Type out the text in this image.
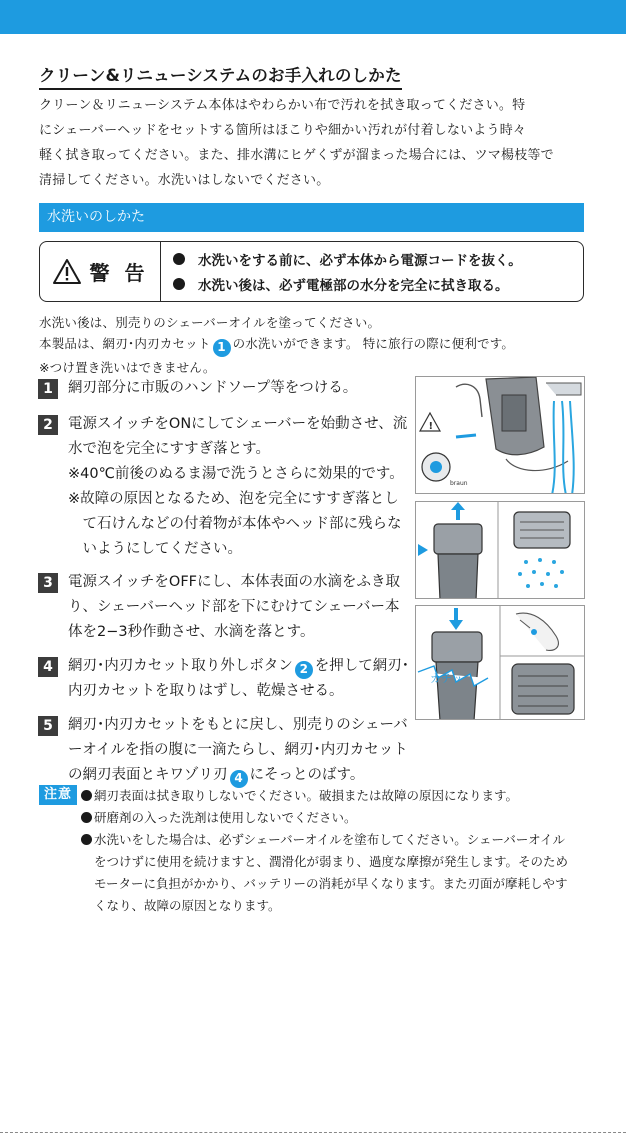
クリーン&リニューシステムのお手入れのしかた
クリーン＆リニューシステム本体はやわらかい布で汚れを拭き取ってください。特
にシェーバーヘッドをセットする箇所はほこりや細かい汚れが付着しないよう時々
軽く拭き取ってください。また、排水溝にヒゲくずが溜まった場合には、ツマ楊枝等で
清掃してください。水洗いはしないでください。
水洗いのしかた
警 告	水洗いをする前に、必ず本体から電源コードを抜く。
水洗い後は、必ず電極部の水分を完全に拭き取る。
水洗い後は、別売りのシェーバーオイルを塗ってください。
本製品は、網刃･内刃カセット 1 の水洗いができます。 特に旅行の際に便利です。
※つけ置き洗いはできません。
1	網刃部分に市販のハンドソープ等をつける。
2	電源スイッチをONにしてシェーバーを始動させ、流水で泡を完全にすすぎ落とす。
※40℃前後のぬるま湯で洗うとさらに効果的です。
※故障の原因となるため、泡を完全にすすぎ落として石けんなどの付着物が本体やヘッド部に残らないようにしてください。
3	電源スイッチをOFFにし、本体表面の水滴をふき取り、シェーバーヘッド部を下にむけてシェーバー本体を2−3秒作動させ、水滴を落とす。
4	網刃･内刃カセット取り外しボタン 2 を押して網刃･内刃カセットを取りはずし、乾燥させる。
5	網刃･内刃カセットをもとに戻し、別売りのシェーバーオイルを指の腹に一滴たらし、網刃･内刃カセットの網刃表面とキワゾリ刃 4 にそっとのばす。
!
braun
カチッ
注意	網刃表面は拭き取りしないでください。破損または故障の原因になります。
研磨剤の入った洗剤は使用しないでください。
水洗いをした場合は、必ずシェーバーオイルを塗布してください。シェーバーオイルをつけずに使用を続けますと、潤滑化が弱まり、過度な摩擦が発生します。そのためモーターに負担がかかり、バッテリーの消耗が早くなります。また刃面が摩耗しやすくなり、故障の原因となります。
